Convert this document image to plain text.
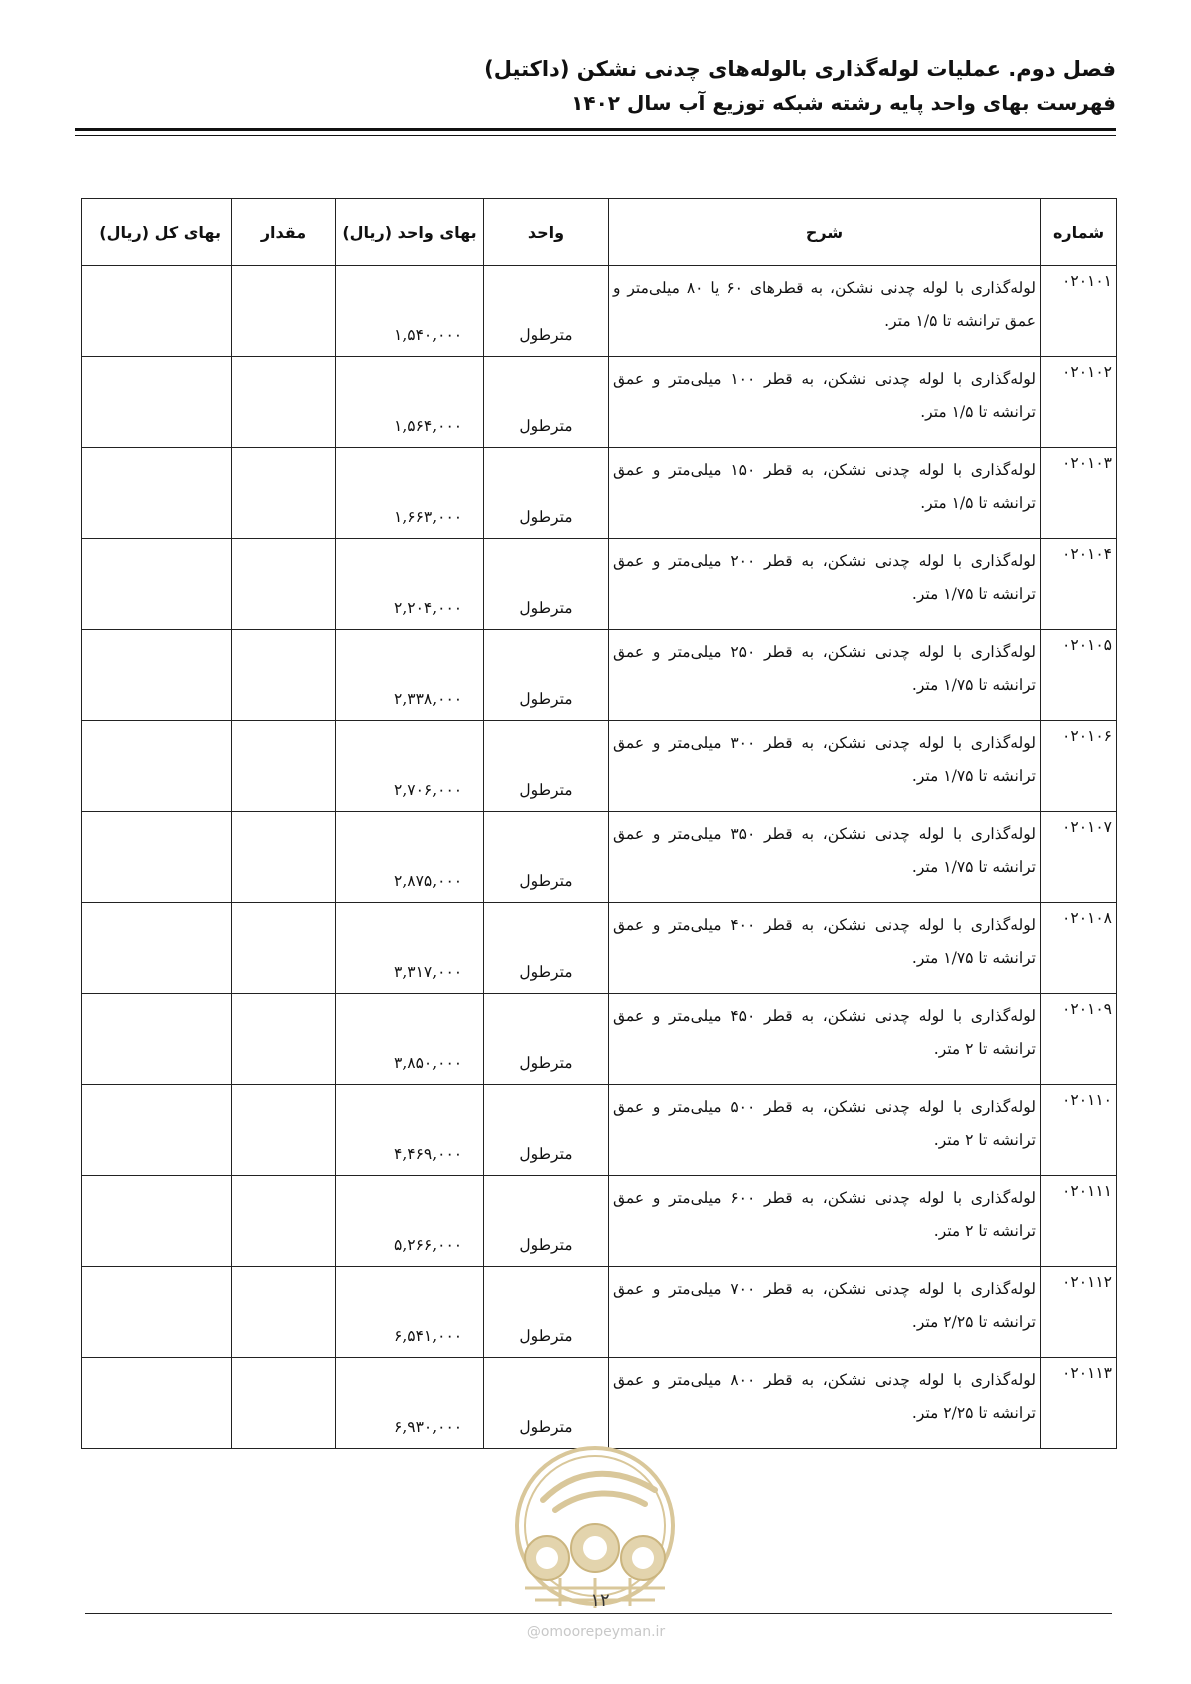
فصل دوم. عملیات لوله‌گذاری بالوله‌های چدنی نشکن (داکتیل)
فهرست بهای واحد پایه رشته شبکه توزیع آب سال ۱۴۰۲
شماره	شرح	واحد	بهای واحد (ریال)	مقدار	بهای کل (ریال)
۰۲۰۱۰۱	لوله‌گذاری با لوله چدنی نشکن، به قطرهای ۶۰ یا ۸۰ میلی‌متر و عمق ترانشه تا ۱/۵ متر.	مترطول	۱,۵۴۰,۰۰۰		
۰۲۰۱۰۲	لوله‌گذاری با لوله چدنی نشکن، به قطر ۱۰۰ میلی‌متر و عمق ترانشه تا ۱/۵ متر.	مترطول	۱,۵۶۴,۰۰۰		
۰۲۰۱۰۳	لوله‌گذاری با لوله چدنی نشکن، به قطر ۱۵۰ میلی‌متر و عمق ترانشه تا ۱/۵ متر.	مترطول	۱,۶۶۳,۰۰۰		
۰۲۰۱۰۴	لوله‌گذاری با لوله چدنی نشکن، به قطر ۲۰۰ میلی‌متر و عمق ترانشه تا ۱/۷۵ متر.	مترطول	۲,۲۰۴,۰۰۰		
۰۲۰۱۰۵	لوله‌گذاری با لوله چدنی نشکن، به قطر ۲۵۰ میلی‌متر و عمق ترانشه تا ۱/۷۵ متر.	مترطول	۲,۳۳۸,۰۰۰		
۰۲۰۱۰۶	لوله‌گذاری با لوله چدنی نشکن، به قطر ۳۰۰ میلی‌متر و عمق ترانشه تا ۱/۷۵ متر.	مترطول	۲,۷۰۶,۰۰۰		
۰۲۰۱۰۷	لوله‌گذاری با لوله چدنی نشکن، به قطر ۳۵۰ میلی‌متر و عمق ترانشه تا ۱/۷۵ متر.	مترطول	۲,۸۷۵,۰۰۰		
۰۲۰۱۰۸	لوله‌گذاری با لوله چدنی نشکن، به قطر ۴۰۰ میلی‌متر و عمق ترانشه تا ۱/۷۵ متر.	مترطول	۳,۳۱۷,۰۰۰		
۰۲۰۱۰۹	لوله‌گذاری با لوله چدنی نشکن، به قطر ۴۵۰ میلی‌متر و عمق ترانشه تا ۲ متر.	مترطول	۳,۸۵۰,۰۰۰		
۰۲۰۱۱۰	لوله‌گذاری با لوله چدنی نشکن، به قطر ۵۰۰ میلی‌متر و عمق ترانشه تا ۲ متر.	مترطول	۴,۴۶۹,۰۰۰		
۰۲۰۱۱۱	لوله‌گذاری با لوله چدنی نشکن، به قطر ۶۰۰ میلی‌متر و عمق ترانشه تا ۲ متر.	مترطول	۵,۲۶۶,۰۰۰		
۰۲۰۱۱۲	لوله‌گذاری با لوله چدنی نشکن، به قطر ۷۰۰ میلی‌متر و عمق ترانشه تا ۲/۲۵ متر.	مترطول	۶,۵۴۱,۰۰۰		
۰۲۰۱۱۳	لوله‌گذاری با لوله چدنی نشکن، به قطر ۸۰۰ میلی‌متر و عمق ترانشه تا ۲/۲۵ متر.	مترطول	۶,۹۳۰,۰۰۰		
۱۲
@omoorepeyman.ir
